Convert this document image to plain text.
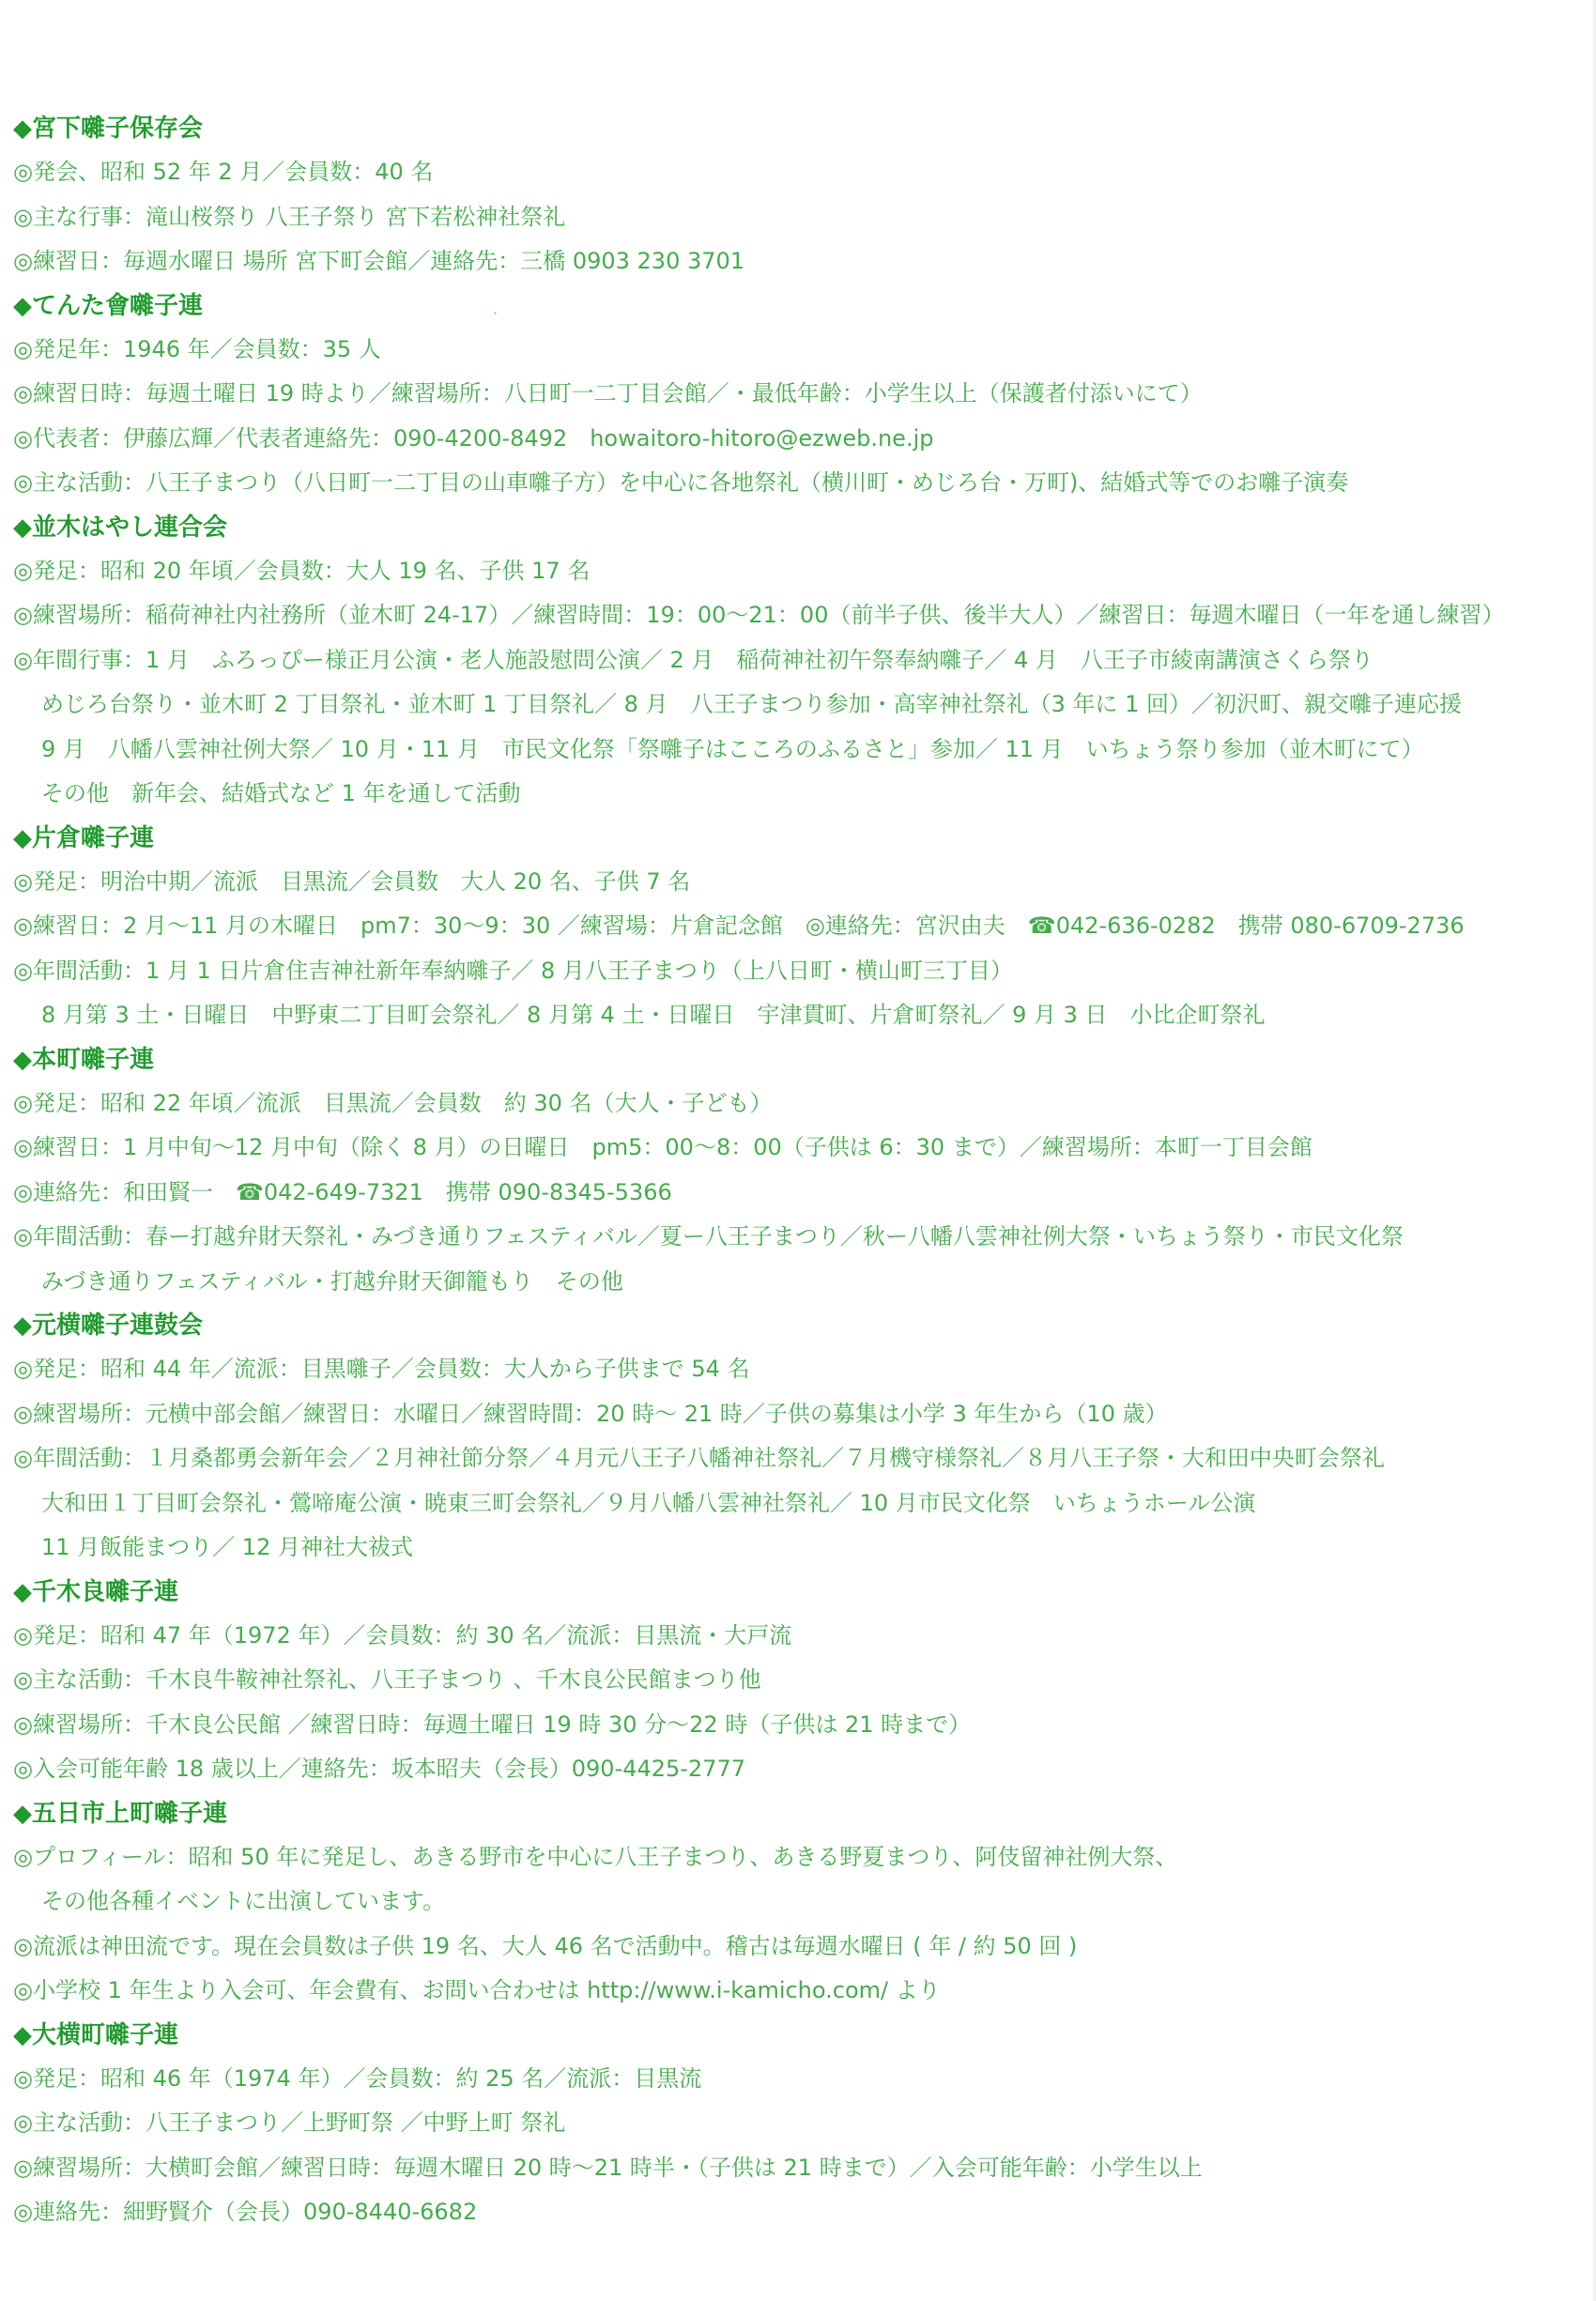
◆宮下囃子保存会
◎発会、昭和 52 年 2 月／会員数：40 名
◎主な行事：滝山桜祭り 八王子祭り 宮下若松神社祭礼
◎練習日：毎週水曜日 場所 宮下町会館／連絡先：三橋 0903 230 3701
◆てんた會囃子連
◎発足年：1946 年／会員数：35 人
◎練習日時：毎週土曜日 19 時より／練習場所：八日町一二丁目会館／・最低年齢：小学生以上（保護者付添いにて）
◎代表者：伊藤広輝／代表者連絡先：090-4200-8492　howaitoro-hitoro@ezweb.ne.jp
◎主な活動：八王子まつり（八日町一二丁目の山車囃子方）を中心に各地祭礼（横川町・めじろ台・万町)、結婚式等でのお囃子演奏
◆並木はやし連合会
◎発足：昭和 20 年頃／会員数：大人 19 名、子供 17 名
◎練習場所：稲荷神社内社務所（並木町 24-17）／練習時間：19：00～21：00（前半子供、後半大人）／練習日：毎週木曜日（一年を通し練習）
◎年間行事：1 月　ふろっぴー様正月公演・老人施設慰問公演／ 2 月　稲荷神社初午祭奉納囃子／ 4 月　八王子市綾南講演さくら祭り
めじろ台祭り・並木町 2 丁目祭礼・並木町 1 丁目祭礼／ 8 月　八王子まつり参加・高宰神社祭礼（3 年に 1 回）／初沢町、親交囃子連応援
9 月　八幡八雲神社例大祭／ 10 月・11 月　市民文化祭「祭囃子はこころのふるさと」参加／ 11 月　いちょう祭り参加（並木町にて）
その他　新年会、結婚式など 1 年を通して活動
◆片倉囃子連
◎発足：明治中期／流派　目黒流／会員数　大人 20 名、子供 7 名
◎練習日：2 月～11 月の木曜日　pm7：30～9：30 ／練習場：片倉記念館　◎連絡先：宮沢由夫　☎042-636-0282　携帯 080-6709-2736
◎年間活動：1 月 1 日片倉住吉神社新年奉納囃子／ 8 月八王子まつり（上八日町・横山町三丁目）
8 月第 3 土・日曜日　中野東二丁目町会祭礼／ 8 月第 4 土・日曜日　宇津貫町、片倉町祭礼／ 9 月 3 日　小比企町祭礼
◆本町囃子連
◎発足：昭和 22 年頃／流派　目黒流／会員数　約 30 名（大人・子ども）
◎練習日：1 月中旬～12 月中旬（除く 8 月）の日曜日　pm5：00～8：00（子供は 6：30 まで）／練習場所：本町一丁目会館
◎連絡先：和田賢一　☎042-649-7321　携帯 090-8345-5366
◎年間活動：春ー打越弁財天祭礼・みづき通りフェスティバル／夏ー八王子まつり／秋ー八幡八雲神社例大祭・いちょう祭り・市民文化祭
みづき通りフェスティバル・打越弁財天御籠もり　その他
◆元横囃子連鼓会
◎発足：昭和 44 年／流派：目黒囃子／会員数：大人から子供まで 54 名
◎練習場所：元横中部会館／練習日：水曜日／練習時間：20 時～ 21 時／子供の募集は小学 3 年生から（10 歳）
◎年間活動：１月桑都勇会新年会／２月神社節分祭／４月元八王子八幡神社祭礼／７月機守様祭礼／８月八王子祭・大和田中央町会祭礼
大和田１丁目町会祭礼・鶯啼庵公演・暁東三町会祭礼／９月八幡八雲神社祭礼／ 10 月市民文化祭　いちょうホール公演
11 月飯能まつり／ 12 月神社大祓式
◆千木良囃子連
◎発足：昭和 47 年（1972 年）／会員数：約 30 名／流派：目黒流・大戸流
◎主な活動：千木良牛鞍神社祭礼、八王子まつり 、千木良公民館まつり他
◎練習場所：千木良公民館 ／練習日時：毎週土曜日 19 時 30 分～22 時（子供は 21 時まで）
◎入会可能年齢 18 歳以上／連絡先：坂本昭夫（会長）090-4425-2777
◆五日市上町囃子連
◎プロフィール：昭和 50 年に発足し、あきる野市を中心に八王子まつり、あきる野夏まつり、阿伎留神社例大祭、
その他各種イベントに出演しています。
◎流派は神田流です。現在会員数は子供 19 名、大人 46 名で活動中。稽古は毎週水曜日 ( 年 / 約 50 回 )
◎小学校 1 年生より入会可、年会費有、お問い合わせは http://www.i-kamicho.com/ より
◆大横町囃子連
◎発足：昭和 46 年（1974 年）／会員数：約 25 名／流派：目黒流
◎主な活動：八王子まつり／上野町祭 ／中野上町 祭礼
◎練習場所：大横町会館／練習日時：毎週木曜日 20 時～21 時半・（子供は 21 時まで）／入会可能年齢：小学生以上
◎連絡先：細野賢介（会長）090-8440-6682
·
